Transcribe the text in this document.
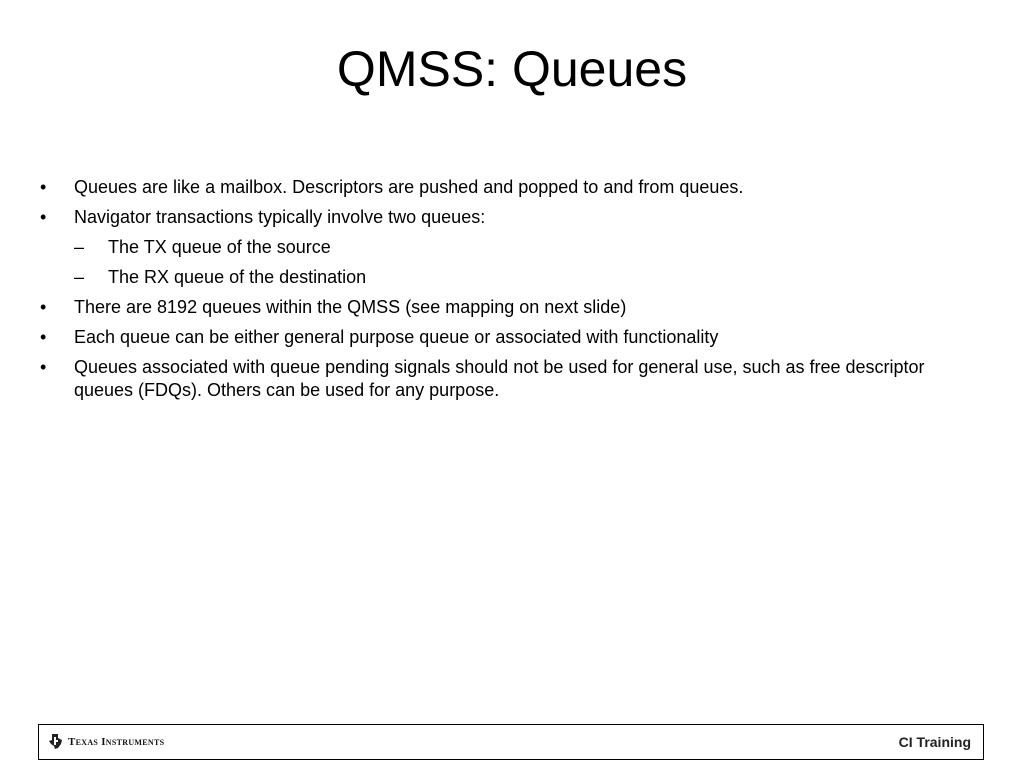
QMSS: Queues
•	Queues are like a mailbox. Descriptors are pushed and popped to and from queues.
•	Navigator transactions typically involve two queues:
–	The TX queue of the source
–	The RX queue of the destination
•	There are 8192 queues within the QMSS (see mapping on next slide)
•	Each queue can be either general purpose queue or associated with functionality
•	Queues associated with queue pending signals should not be used for general use, such as free descriptor queues (FDQs). Others can be used for any purpose.
Texas Instruments	CI Training
